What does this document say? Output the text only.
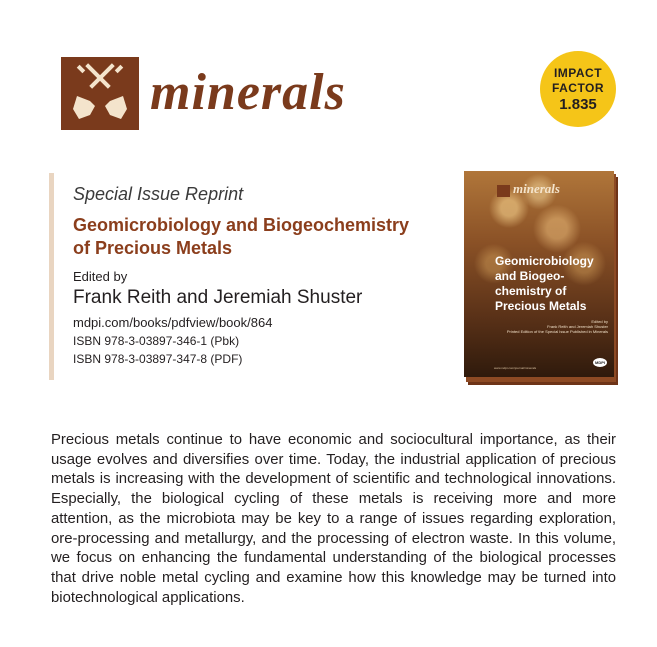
minerals	IMPACT
FACTOR
1.835
Special Issue Reprint
Geomicrobiology and Biogeochemistry
of Precious Metals
Edited by
Frank Reith and Jeremiah Shuster
mdpi.com/books/pdfview/book/864
ISBN 978-3-03897-346-1 (Pbk)
ISBN 978-3-03897-347-8 (PDF)
minerals
Geomicrobiology
and Biogeo-
chemistry of
Precious Metals
Edited by
Frank Reith and Jeremiah Shuster
Printed Edition of the Special Issue Published in Minerals
MDPI
www.mdpi.com/journal/minerals

Precious metals continue to have economic and sociocultural importance, as their usage evolves and diversifies over time. Today, the industrial application of precious metals is increasing with the development of scientific and technological innovations. Especially, the biological cycling of these metals is receiving more and more attention, as the microbiota may be key to a range of issues regarding exploration, ore-processing and metallurgy, and the processing of electron waste. In this volume, we focus on enhancing the fundamental understanding of the biological processes that drive noble metal cycling and examine how this knowledge may be turned into biotechnological applications.
